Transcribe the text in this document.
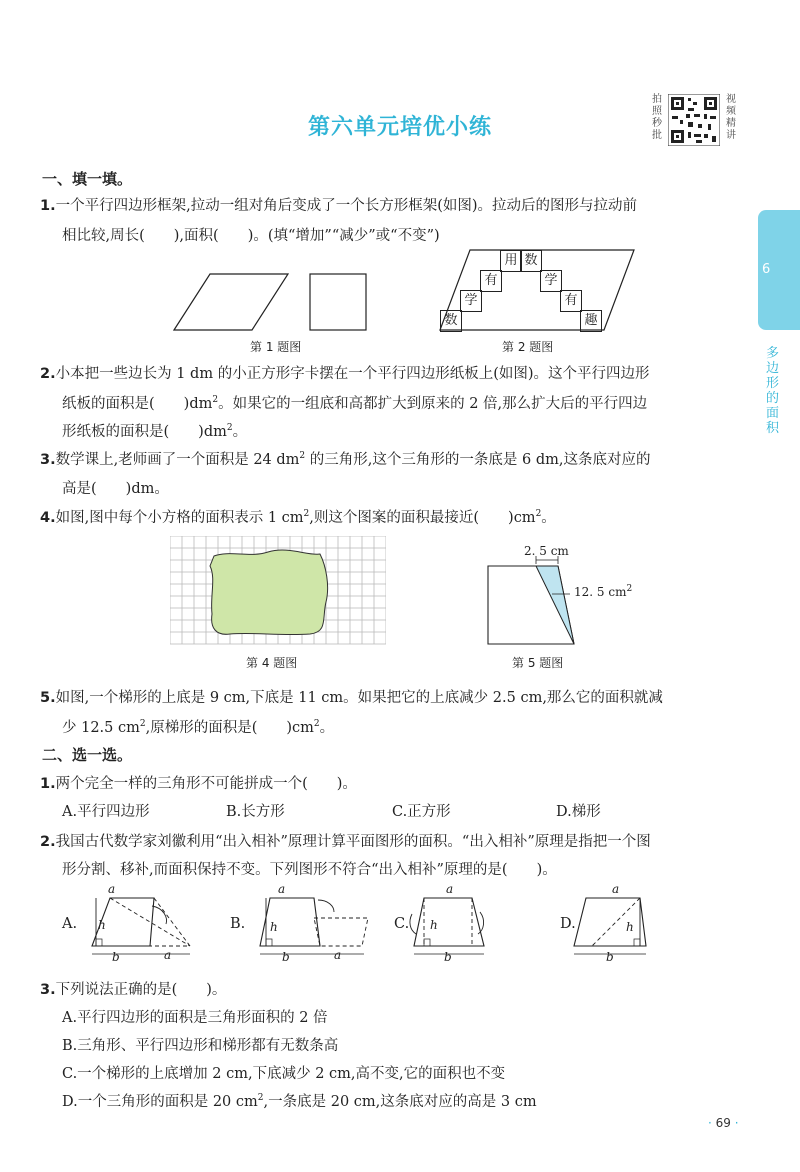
第六单元培优小练
拍照秒批
视频精讲
6
多边形的面积
一、填一填。
1.一个平行四边形框架,拉动一组对角后变成了一个长方形框架(如图)。拉动后的图形与拉动前
相比较,周长(　　),面积(　　)。(填“增加”“减少”或“不变”)
数
学
有
用 数
学
有
趣
第 1 题图	第 2 题图
2.小本把一些边长为 1 dm 的小正方形字卡摆在一个平行四边形纸板上(如图)。这个平行四边形
纸板的面积是(　　)$dm^2$。如果它的一组底和高都扩大到原来的 2 倍,那么扩大后的平行四边
形纸板的面积是(　　)$dm^2$。
3.数学课上,老师画了一个面积是 24 $dm^2$ 的三角形,这个三角形的一条底是 6 dm,这条底对应的
高是(　　)dm。
4.如图,图中每个小方格的面积表示 1 $cm^2$,则这个图案的面积最接近(　　)$cm^2$。
第 4 题图
2. 5 cm
12. 5 $cm^2$
第 5 题图
5.如图,一个梯形的上底是 9 cm,下底是 11 cm。如果把它的上底减少 2.5 cm,那么它的面积就减
少 12.5 $cm^2$,原梯形的面积是(　　)$cm^2$。
二、选一选。
1.两个完全一样的三角形不可能拼成一个(　　)。
A.平行四边形	B.长方形	C.正方形	D.梯形
2.我国古代数学家刘徽利用“出入相补”原理计算平面图形的面积。“出入相补”原理是指把一个图
形分割、移补,而面积保持不变。下列图形不符合“出入相补”原理的是(　　)。
A.
a
h
b	a
B.
a
h
b	a
C.
a
h
b
D.
a
h
b
3.下列说法正确的是(　　)。
A.平行四边形的面积是三角形面积的 2 倍
B.三角形、平行四边形和梯形都有无数条高
C.一个梯形的上底增加 2 cm,下底减少 2 cm,高不变,它的面积也不变
D.一个三角形的面积是 20 $cm^2$,一条底是 20 cm,这条底对应的高是 3 cm
· 69 ·
